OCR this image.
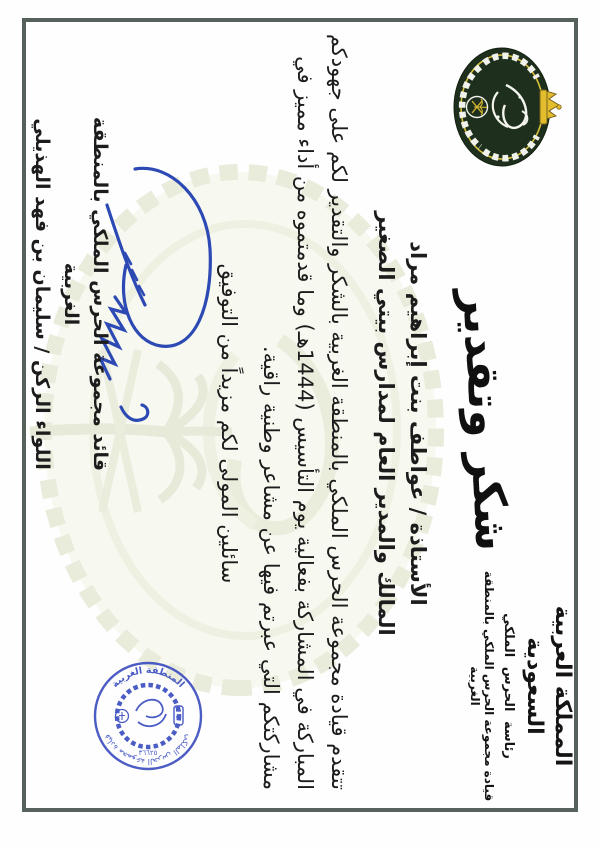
المملكة العربية السعودية
رئاسة الحرس الملكي
قيادة مجموعة الحرس الملكي بالمنطقة الغربية
شكر وتقدير
الأستاذة / عواطف بنت إبراهيم مراد
المالك والمدير العام لمدارس بيتي الصغير
تتقدم قيادة مجموعة الحرس الملكي بالمنطقة الغربية بالشكر والتقدير لكم على جهودكم
المباركة في المشاركة بفعالية يوم التأسيس (1444هـ) وما قدمتموه من أداء مميز في
مشاركتكم التي عبرتم فيها عن مشاعر وطنية راقية.
سائلين المولى لكم مزيداً من التوفيق
قائد مجموعة الحرس الملكي بالمنطقة الغربية
اللواء الركن / سليمان بن فهد الهذيلي
المنطقة الغربية
قيادة مجموعة الحرس الملكي
٣٦٦٢٥
